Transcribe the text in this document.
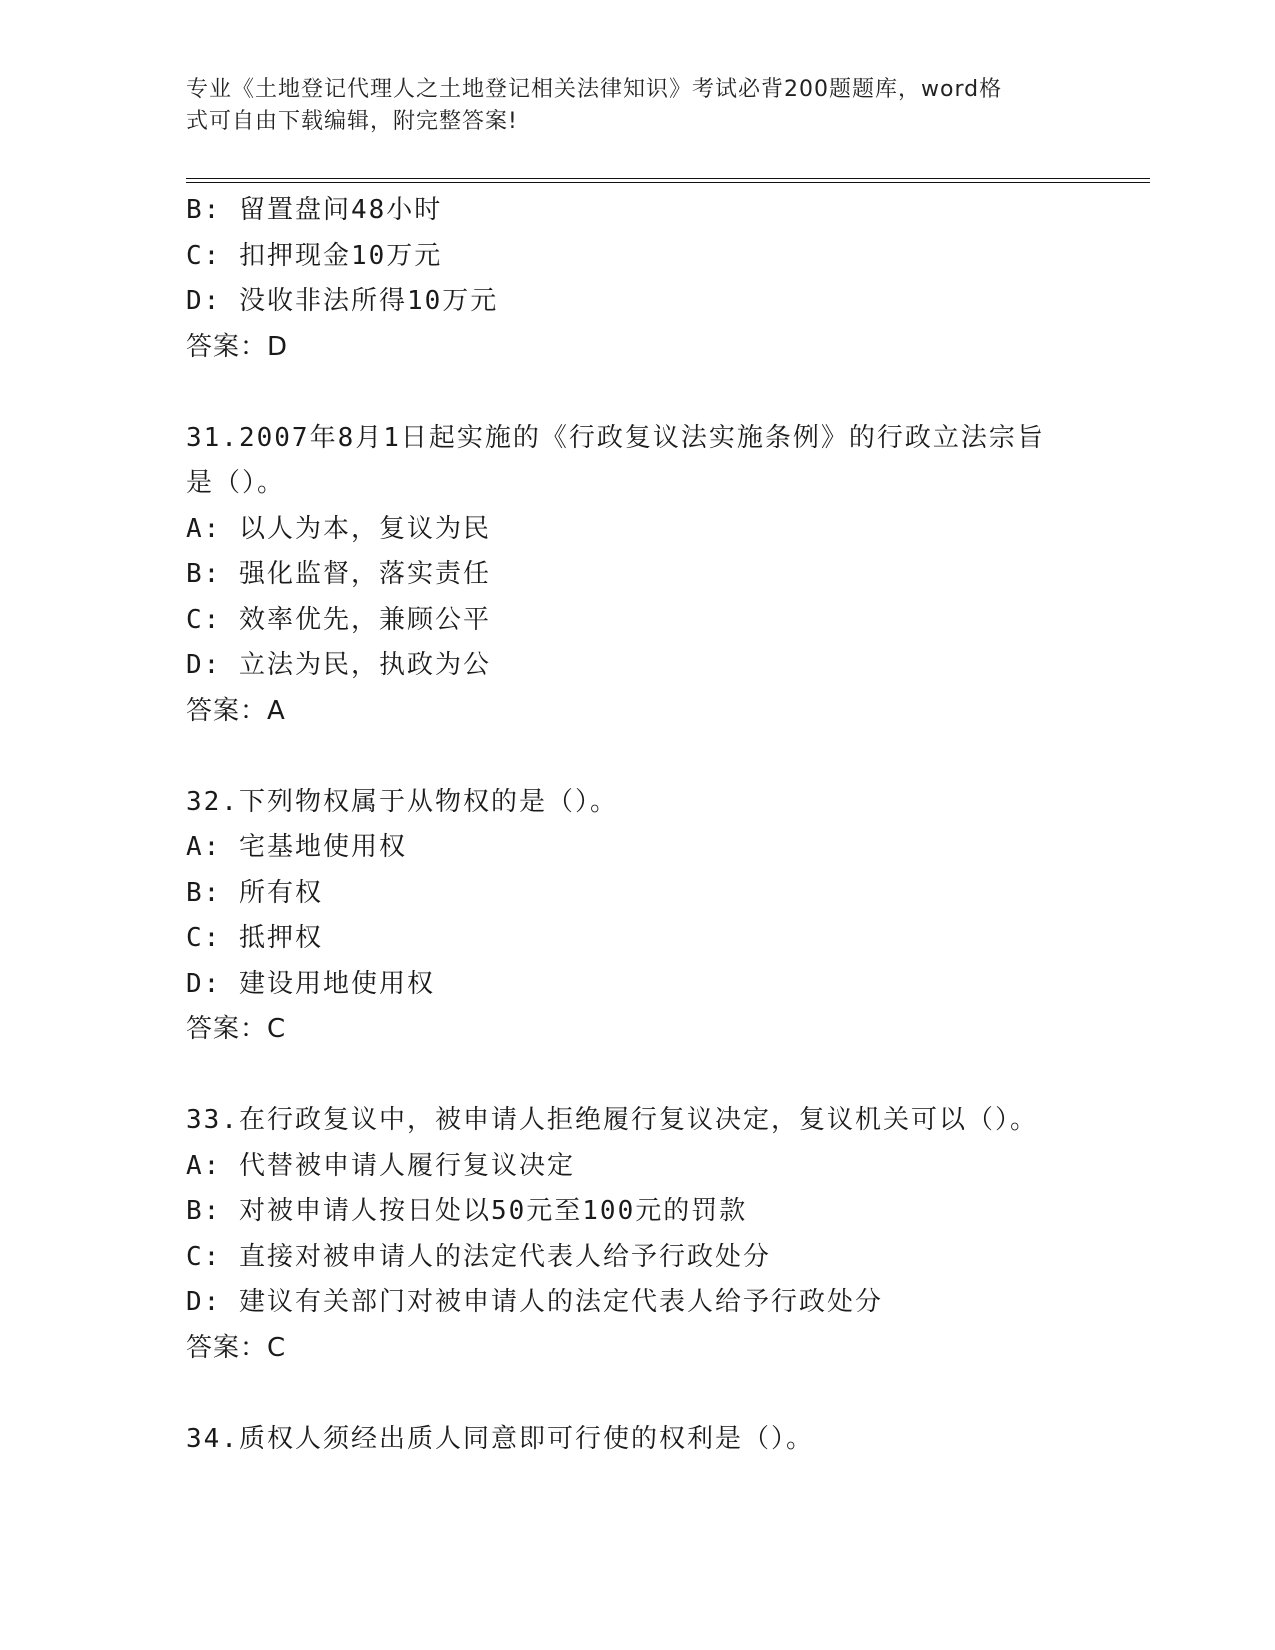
专业《土地登记代理人之土地登记相关法律知识》考试必背200题题库，word格
式可自由下载编辑，附完整答案!
B: 留置盘问48小时
C: 扣押现金10万元
D: 没收非法所得10万元
答案：D
31.2007年8月1日起实施的《行政复议法实施条例》的行政立法宗旨
是（）。
A: 以人为本，复议为民
B: 强化监督，落实责任
C: 效率优先，兼顾公平
D: 立法为民，执政为公
答案：A
32.下列物权属于从物权的是（）。
A: 宅基地使用权
B: 所有权
C: 抵押权
D: 建设用地使用权
答案：C
33.在行政复议中，被申请人拒绝履行复议决定，复议机关可以（）。
A: 代替被申请人履行复议决定
B: 对被申请人按日处以50元至100元的罚款
C: 直接对被申请人的法定代表人给予行政处分
D: 建议有关部门对被申请人的法定代表人给予行政处分
答案：C
34.质权人须经出质人同意即可行使的权利是（）。
